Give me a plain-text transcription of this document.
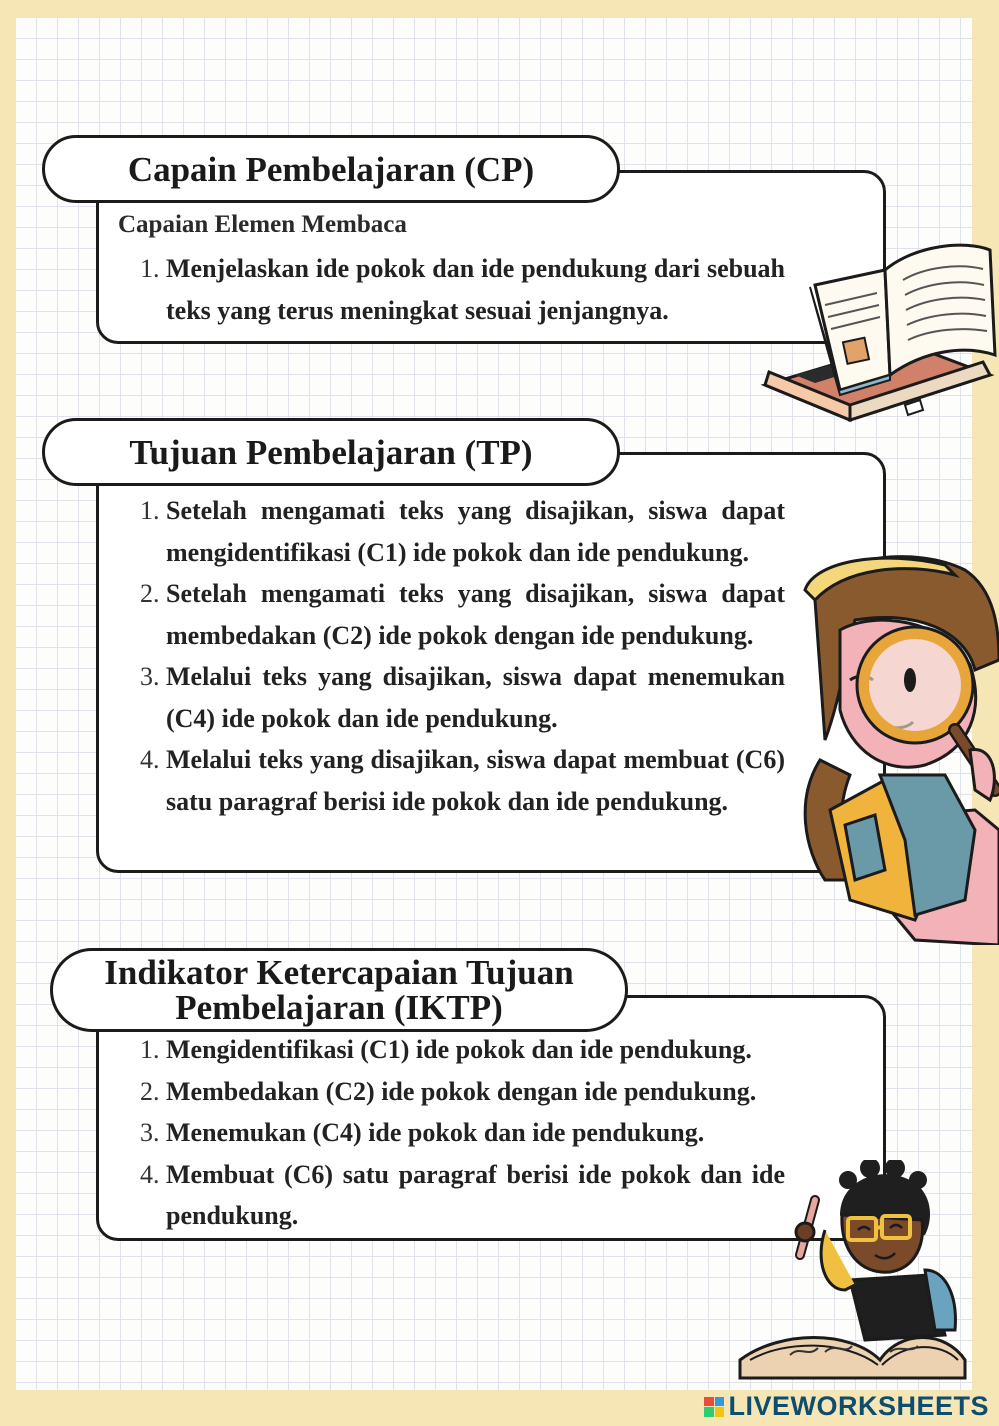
Capain Pembelajaran (CP)
Capaian Elemen Membaca
1. Menjelaskan ide pokok dan ide pendukung dari sebuah teks yang terus meningkat sesuai jenjangnya.
Tujuan Pembelajaran (TP)
1. Setelah mengamati teks yang disajikan, siswa dapat mengidentifikasi (C1) ide pokok dan ide pendukung.
2. Setelah mengamati teks yang disajikan, siswa dapat membedakan (C2) ide pokok dengan ide pendukung.
3. Melalui teks yang disajikan, siswa dapat menemukan (C4) ide pokok dan ide pendukung.
4. Melalui teks yang disajikan, siswa dapat membuat (C6) satu paragraf berisi ide pokok dan ide pendukung.
Indikator Ketercapaian Tujuan
Pembelajaran (IKTP)
1. Mengidentifikasi (C1) ide pokok dan ide pendukung.
2. Membedakan (C2) ide pokok dengan ide pendukung.
3. Menemukan (C4) ide pokok dan ide pendukung.
4. Membuat (C6) satu paragraf berisi ide pokok dan ide pendukung.
LIVEWORKSHEETS
